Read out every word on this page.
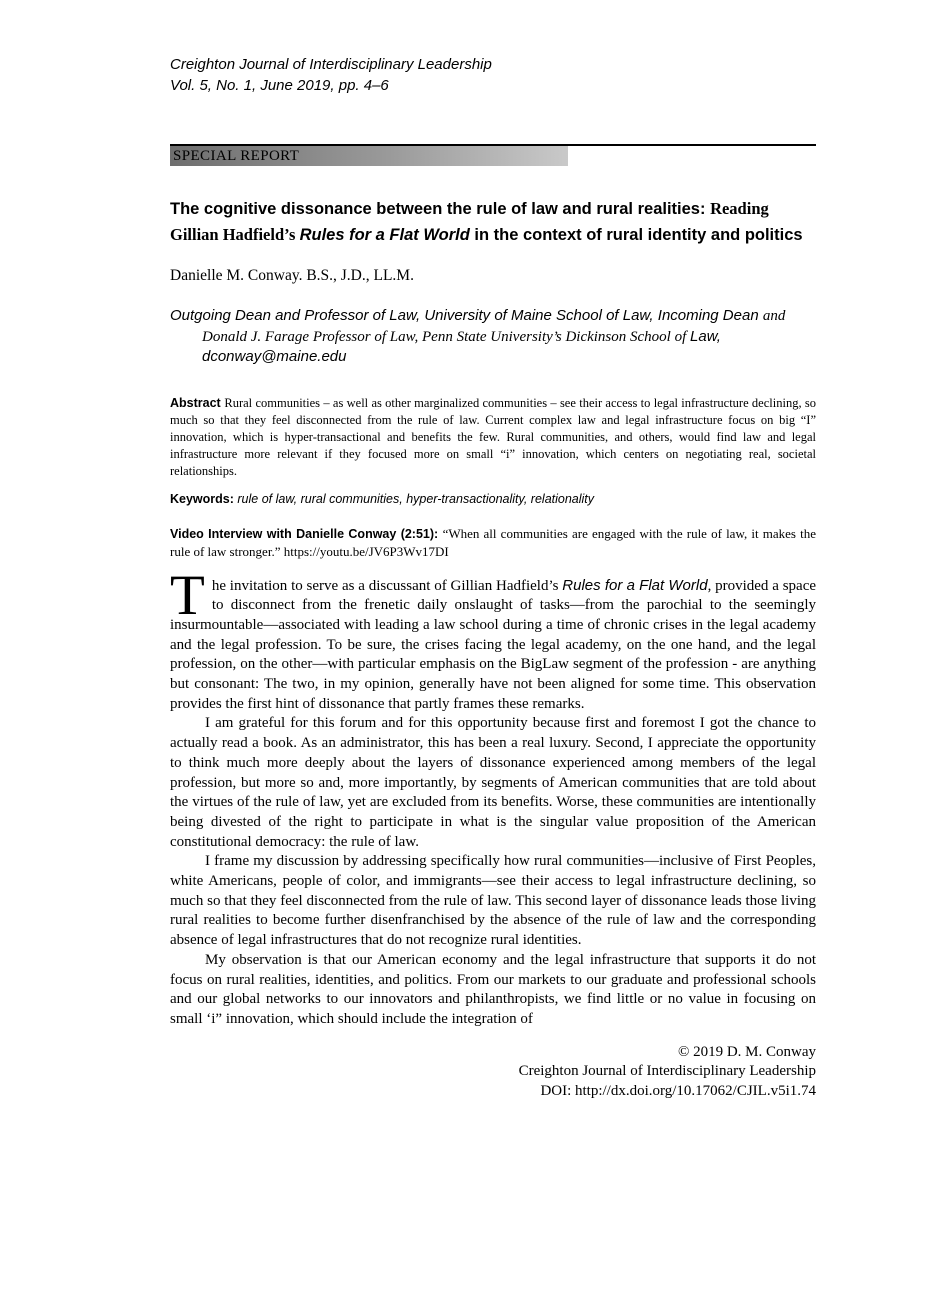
Creighton Journal of Interdisciplinary Leadership
Vol. 5, No. 1, June 2019, pp. 4–6
SPECIAL REPORT
The cognitive dissonance between the rule of law and rural realities: Reading Gillian Hadfield’s Rules for a Flat World in the context of rural identity and politics
Danielle M. Conway. B.S., J.D., LL.M.
Outgoing Dean and Professor of Law, University of Maine School of Law, Incoming Dean and Donald J. Farage Professor of Law, Penn State University’s Dickinson School of Law, dconway@maine.edu

Abstract Rural communities – as well as other marginalized communities – see their access to legal infrastructure declining, so much so that they feel disconnected from the rule of law. Current complex law and legal infrastructure focus on big “I” innovation, which is hyper-transactional and benefits the few. Rural communities, and others, would find law and legal infrastructure more relevant if they focused more on small “i” innovation, which centers on negotiating real, societal relationships.

Keywords: rule of law, rural communities, hyper-transactionality, relationality

Video Interview with Danielle Conway (2:51): “When all communities are engaged with the rule of law, it makes the rule of law stronger.” https://youtu.be/JV6P3Wv17DI

The invitation to serve as a discussant of Gillian Hadfield’s Rules for a Flat World, provided a space to disconnect from the frenetic daily onslaught of tasks—from the parochial to the seemingly insurmountable—associated with leading a law school during a time of chronic crises in the legal academy and the legal profession. To be sure, the crises facing the legal academy, on the one hand, and the legal profession, on the other—with particular emphasis on the BigLaw segment of the profession - are anything but consonant: The two, in my opinion, generally have not been aligned for some time. This observation provides the first hint of dissonance that partly frames these remarks.

I am grateful for this forum and for this opportunity because first and foremost I got the chance to actually read a book. As an administrator, this has been a real luxury. Second, I appreciate the opportunity to think much more deeply about the layers of dissonance experienced among members of the legal profession, but more so and, more importantly, by segments of American communities that are told about the virtues of the rule of law, yet are excluded from its benefits. Worse, these communities are intentionally being divested of the right to participate in what is the singular value proposition of the American constitutional democracy: the rule of law.

I frame my discussion by addressing specifically how rural communities—inclusive of First Peoples, white Americans, people of color, and immigrants—see their access to legal infrastructure declining, so much so that they feel disconnected from the rule of law. This second layer of dissonance leads those living rural realities to become further disenfranchised by the absence of the rule of law and the corresponding absence of legal infrastructures that do not recognize rural identities.

My observation is that our American economy and the legal infrastructure that supports it do not focus on rural realities, identities, and politics. From our markets to our graduate and professional schools and our global networks to our innovators and philanthropists, we find little or no value in focusing on small ‘i” innovation, which should include the integration of

© 2019 D. M. Conway
Creighton Journal of Interdisciplinary Leadership
DOI: http://dx.doi.org/10.17062/CJIL.v5i1.74
